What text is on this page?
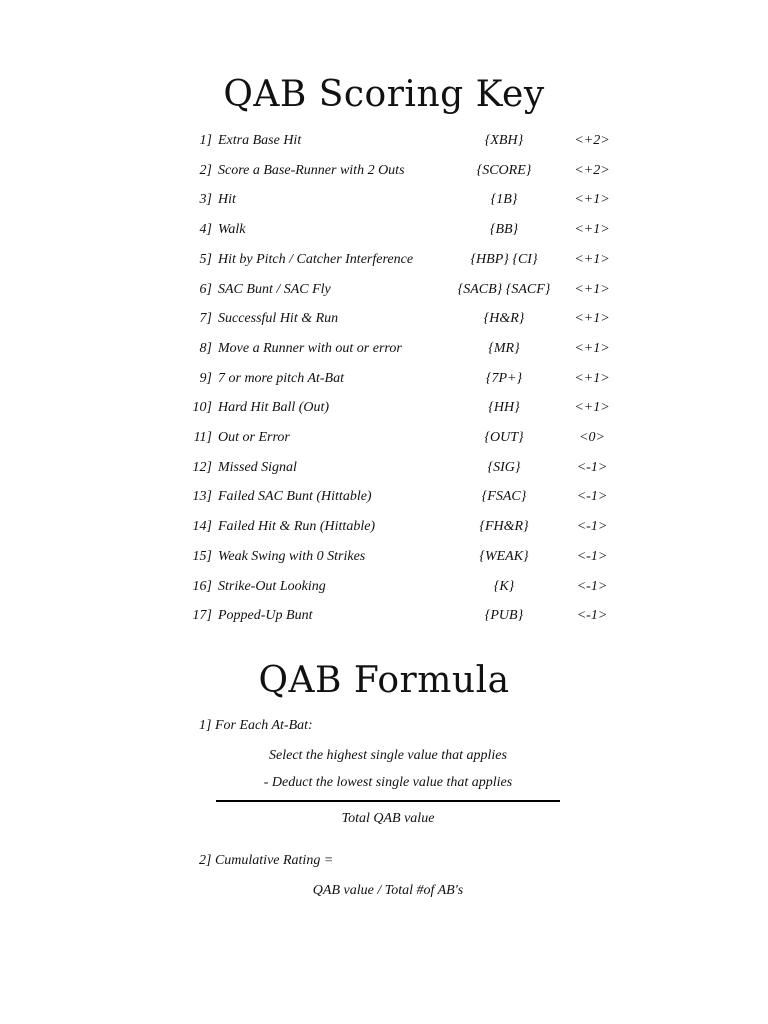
QAB Scoring Key
1] Extra Base Hit	{XBH}	<+2>
2] Score a Base-Runner with 2 Outs	{SCORE}	<+2>
3] Hit	{1B}	<+1>
4] Walk	{BB}	<+1>
5] Hit by Pitch / Catcher Interference	{HBP} {CI}	<+1>
6] SAC Bunt / SAC Fly	{SACB} {SACF}	<+1>
7] Successful Hit & Run	{H&R}	<+1>
8] Move a Runner with out or error	{MR}	<+1>
9] 7 or more pitch At-Bat	{7P+}	<+1>
10] Hard Hit Ball (Out)	{HH}	<+1>
11] Out or Error	{OUT}	<0>
12] Missed Signal	{SIG}	<-1>
13] Failed SAC Bunt (Hittable)	{FSAC}	<-1>
14] Failed Hit & Run (Hittable)	{FH&R}	<-1>
15] Weak Swing with 0 Strikes	{WEAK}	<-1>
16] Strike-Out Looking	{K}	<-1>
17] Popped-Up Bunt	{PUB}	<-1>
QAB Formula
1] For Each At-Bat:
Select the highest single value that applies
- Deduct the lowest single value that applies
Total QAB value
2] Cumulative Rating =
QAB value / Total #of AB's
